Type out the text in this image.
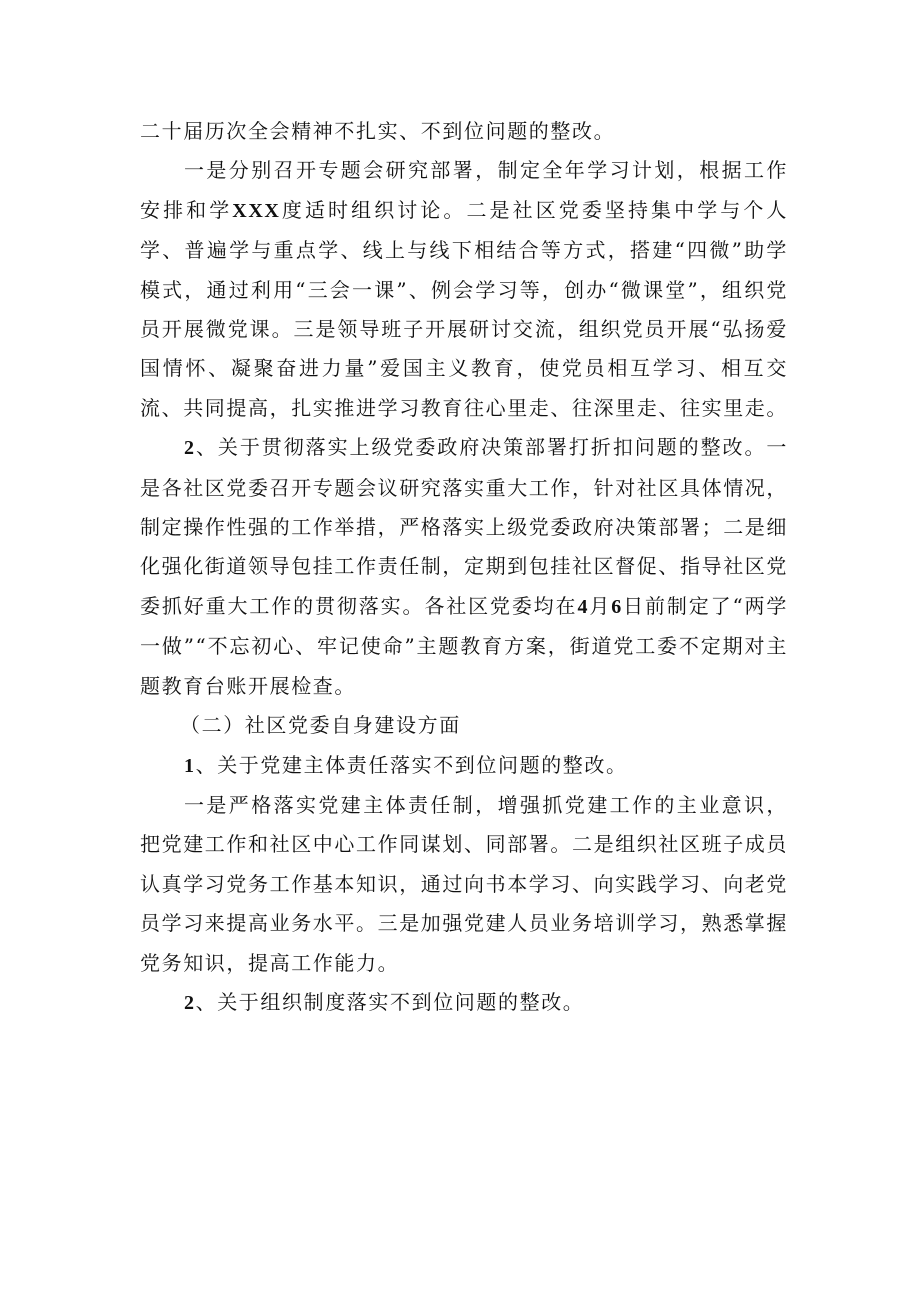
二十届历次全会精神不扎实、不到位问题的整改。

一是分别召开专题会研究部署，制定全年学习计划，根据工作安排和学XXX度适时组织讨论。二是社区党委坚持集中学与个人学、普遍学与重点学、线上与线下相结合等方式，搭建“四微”助学模式，通过利用“三会一课”、例会学习等，创办“微课堂”，组织党员开展微党课。三是领导班子开展研讨交流，组织党员开展“弘扬爱国情怀、凝聚奋进力量”爱国主义教育，使党员相互学习、相互交流、共同提高，扎实推进学习教育往心里走、往深里走、往实里走。

2、关于贯彻落实上级党委政府决策部署打折扣问题的整改。一是各社区党委召开专题会议研究落实重大工作，针对社区具体情况，制定操作性强的工作举措，严格落实上级党委政府决策部署；二是细化强化街道领导包挂工作责任制，定期到包挂社区督促、指导社区党委抓好重大工作的贯彻落实。各社区党委均在4月6日前制定了“两学一做”“不忘初心、牢记使命”主题教育方案，街道党工委不定期对主题教育台账开展检查。

（二）社区党委自身建设方面

1、关于党建主体责任落实不到位问题的整改。

一是严格落实党建主体责任制，增强抓党建工作的主业意识，把党建工作和社区中心工作同谋划、同部署。二是组织社区班子成员认真学习党务工作基本知识，通过向书本学习、向实践学习、向老党员学习来提高业务水平。三是加强党建人员业务培训学习，熟悉掌握党务知识，提高工作能力。

2、关于组织制度落实不到位问题的整改。
